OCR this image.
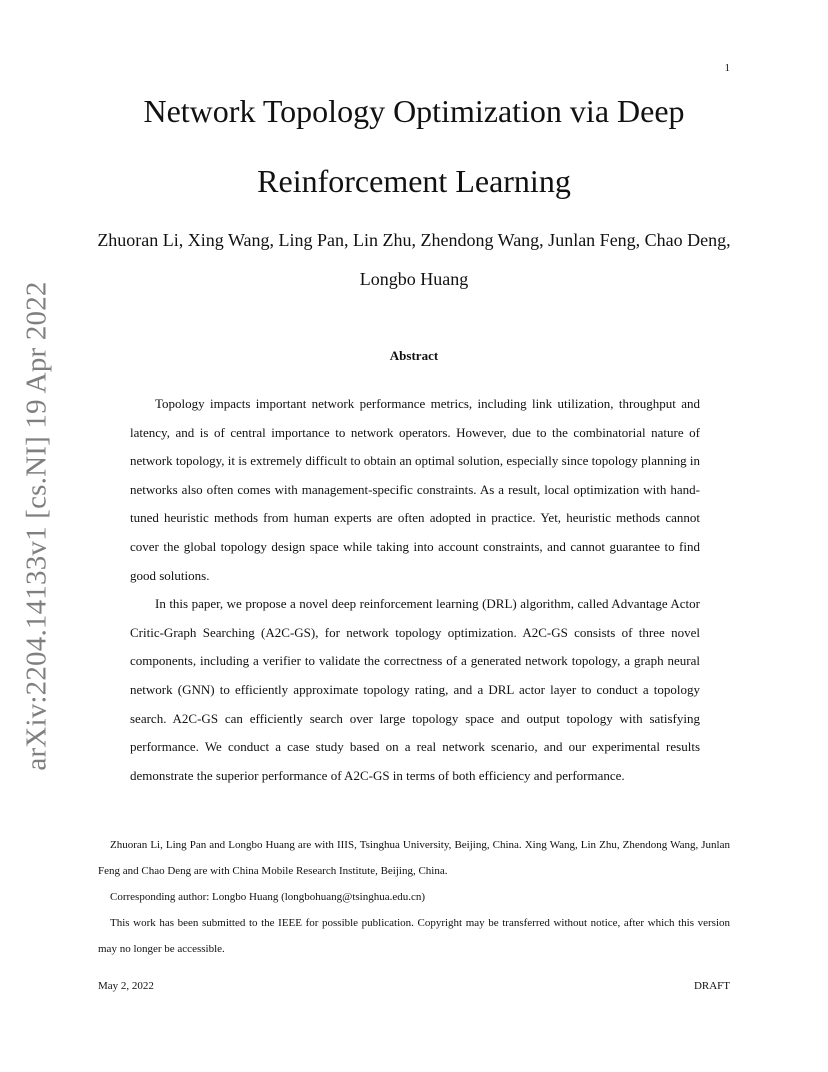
1
arXiv:2204.14133v1 [cs.NI] 19 Apr 2022
Network Topology Optimization via Deep Reinforcement Learning
Zhuoran Li, Xing Wang, Ling Pan, Lin Zhu, Zhendong Wang, Junlan Feng, Chao Deng, Longbo Huang
Abstract

Topology impacts important network performance metrics, including link utilization, throughput and latency, and is of central importance to network operators. However, due to the combinatorial nature of network topology, it is extremely difficult to obtain an optimal solution, especially since topology planning in networks also often comes with management-specific constraints. As a result, local optimization with hand-tuned heuristic methods from human experts are often adopted in practice. Yet, heuristic methods cannot cover the global topology design space while taking into account constraints, and cannot guarantee to find good solutions.

In this paper, we propose a novel deep reinforcement learning (DRL) algorithm, called Advantage Actor Critic-Graph Searching (A2C-GS), for network topology optimization. A2C-GS consists of three novel components, including a verifier to validate the correctness of a generated network topology, a graph neural network (GNN) to efficiently approximate topology rating, and a DRL actor layer to conduct a topology search. A2C-GS can efficiently search over large topology space and output topology with satisfying performance. We conduct a case study based on a real network scenario, and our experimental results demonstrate the superior performance of A2C-GS in terms of both efficiency and performance.

Zhuoran Li, Ling Pan and Longbo Huang are with IIIS, Tsinghua University, Beijing, China. Xing Wang, Lin Zhu, Zhendong Wang, Junlan Feng and Chao Deng are with China Mobile Research Institute, Beijing, China.

Corresponding author: Longbo Huang (longbohuang@tsinghua.edu.cn)

This work has been submitted to the IEEE for possible publication. Copyright may be transferred without notice, after which this version may no longer be accessible.

May 2, 2022	DRAFT
